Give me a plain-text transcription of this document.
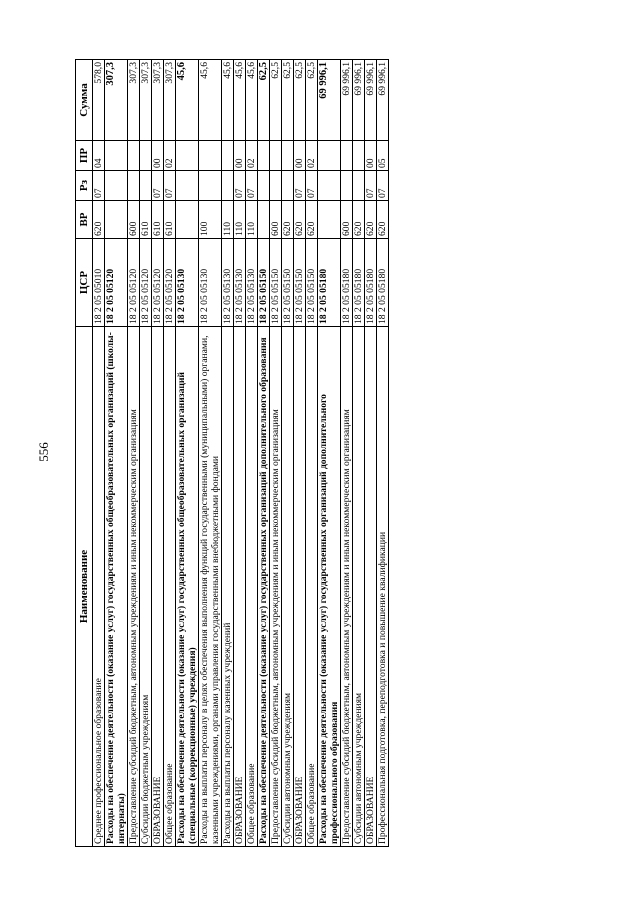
556
Наименование	ЦСР	ВР	Рз	ПР	Сумма
Среднее профессиональное образование	18 2 05 05010	620	07	04	578,0
Расходы на обеспечение деятельности (оказание услуг) государственных общеобразовательных организаций (школы-интернаты)	18 2 05 05120				307,3
Предоставление субсидий бюджетным, автономным учреждениям и иным некоммерческим организациям	18 2 05 05120	600			307,3
Субсидии бюджетным учреждениям	18 2 05 05120	610			307,3
ОБРАЗОВАНИЕ	18 2 05 05120	610	07	00	307,3
Общее образование	18 2 05 05120	610	07	02	307,3
Расходы на обеспечение деятельности (оказание услуг) государственных общеобразовательных организаций (специальные (коррекционные) учреждения)	18 2 05 05130				45,6
Расходы на выплаты персоналу в целях обеспечения выполнения функций государственными (муниципальными) органами, казенными учреждениями, органами управления государственными внебюджетными фондами	18 2 05 05130	100			45,6
Расходы на выплаты персоналу казенных учреждений	18 2 05 05130	110			45,6
ОБРАЗОВАНИЕ	18 2 05 05130	110	07	00	45,6
Общее образование	18 2 05 05130	110	07	02	45,6
Расходы на обеспечение деятельности (оказание услуг) государственных организаций дополнительного образования	18 2 05 05150				62,5
Предоставление субсидий бюджетным, автономным учреждениям и иным некоммерческим организациям	18 2 05 05150	600			62,5
Субсидии автономным учреждениям	18 2 05 05150	620			62,5
ОБРАЗОВАНИЕ	18 2 05 05150	620	07	00	62,5
Общее образование	18 2 05 05150	620	07	02	62,5
Расходы на обеспечение деятельности (оказание услуг) государственных организаций дополнительного профессионального образования	18 2 05 05180				69 996,1
Предоставление субсидий бюджетным, автономным учреждениям и иным некоммерческим организациям	18 2 05 05180	600			69 996,1
Субсидии автономным учреждениям	18 2 05 05180	620			69 996,1
ОБРАЗОВАНИЕ	18 2 05 05180	620	07	00	69 996,1
Профессиональная подготовка, переподготовка и повышение квалификации	18 2 05 05180	620	07	05	69 996,1
